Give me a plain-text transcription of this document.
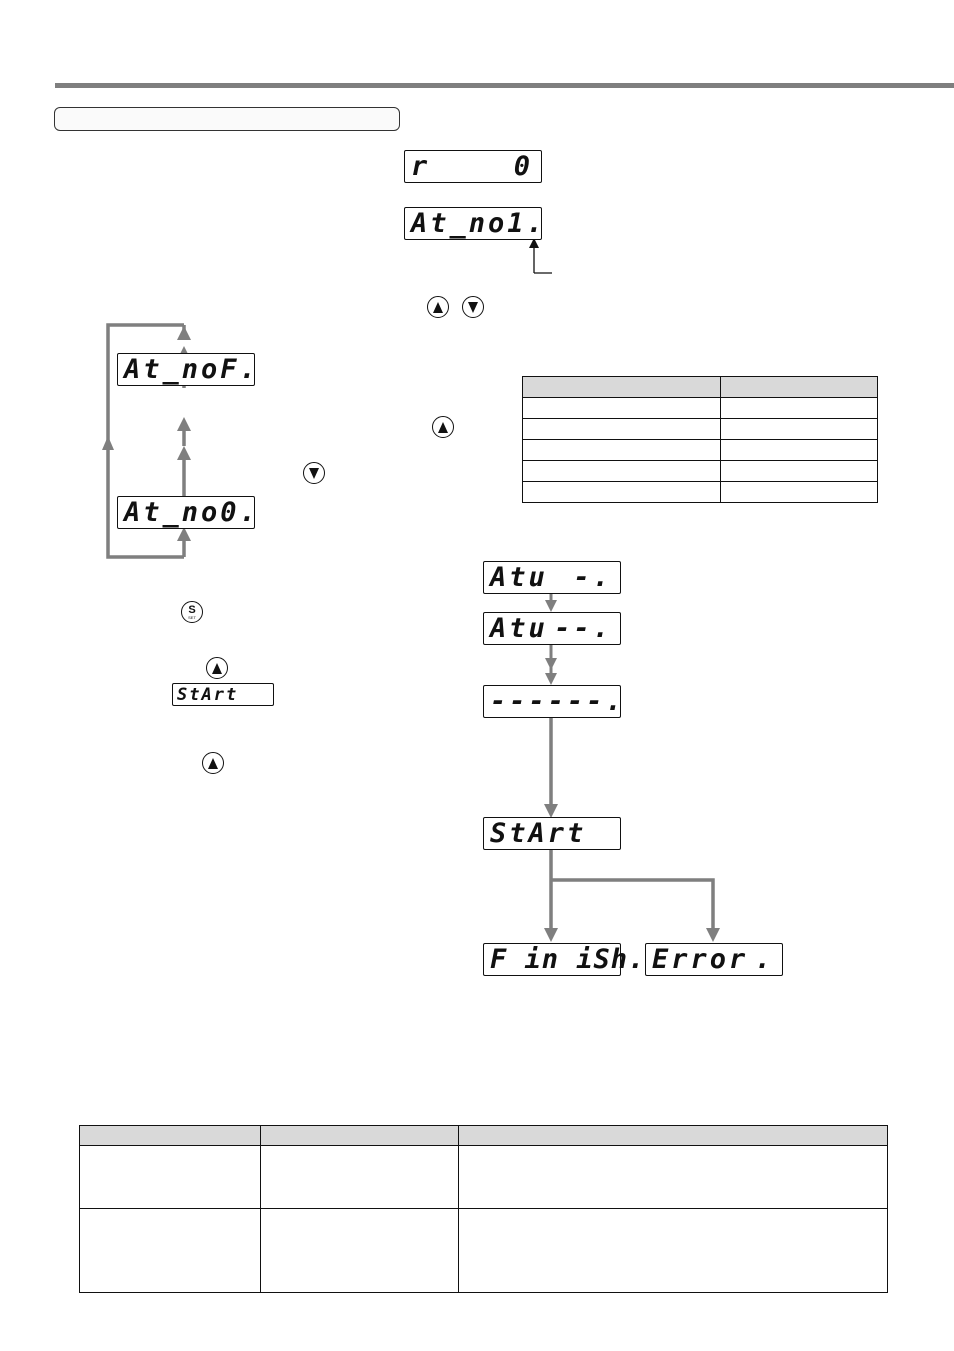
r	0
At_no1.
At_noF.
At_no0.

S
SET
StArt
Atu -.
Atu --.
------.
StArt
F in iSh. Error .
